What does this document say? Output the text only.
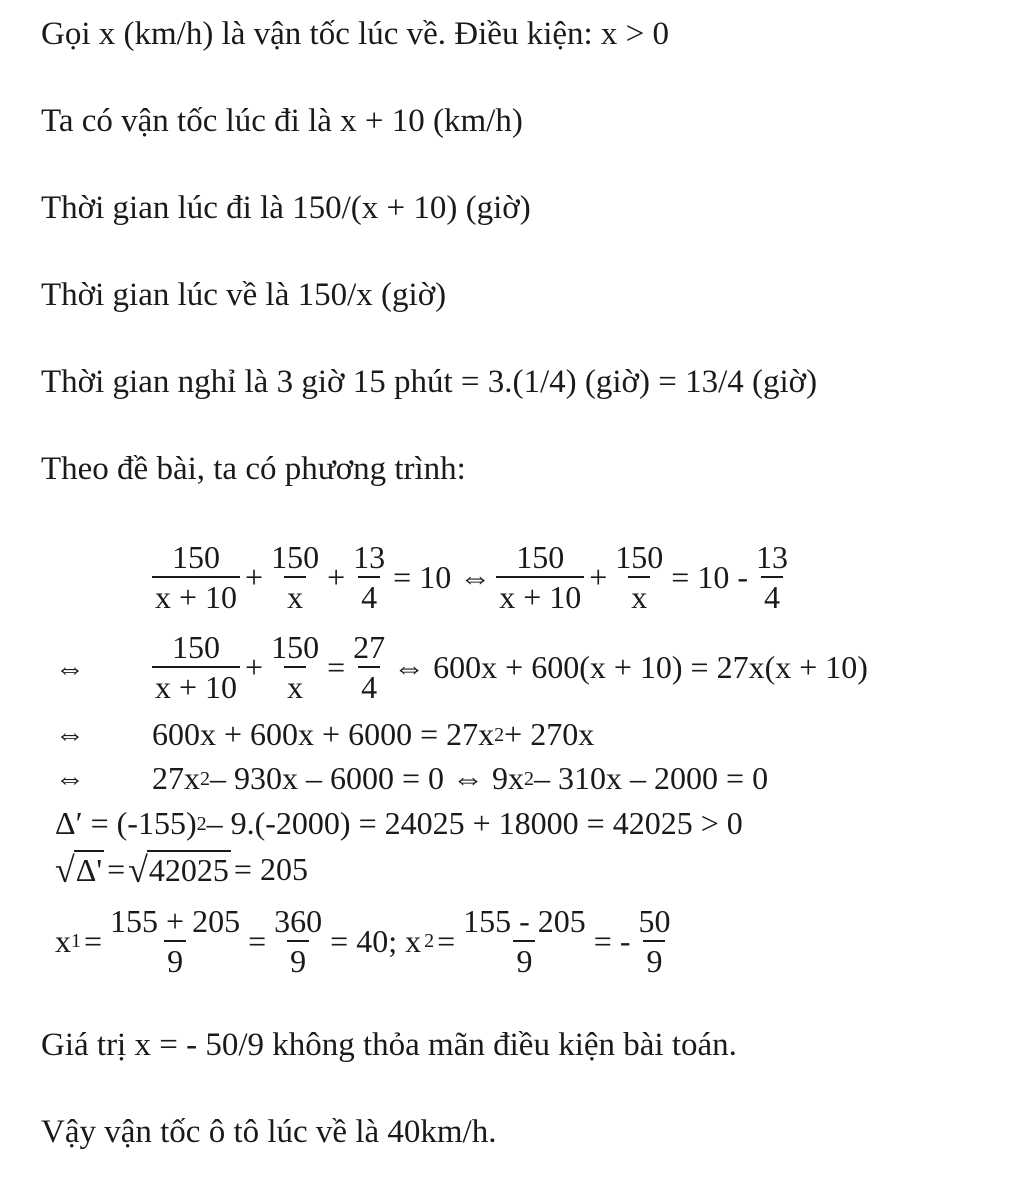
Gọi x (km/h) là vận tốc lúc về. Điều kiện: x > 0

Ta có vận tốc lúc đi là x + 10 (km/h)

Thời gian lúc đi là 150/(x + 10) (giờ)

Thời gian lúc về là 150/x (giờ)

Thời gian nghỉ là 3 giờ 15 phút = 3.(1/4) (giờ) = 13/4 (giờ)

Theo đề bài, ta có phương trình:

$\frac{150}{x + 10} + \frac{150}{x} + \frac{13}{4} = 10$ ⇔ $\frac{150}{x + 10} + \frac{150}{x} = 10 - \frac{13}{4}$
⇔ $\frac{150}{x + 10} + \frac{150}{x} = \frac{27}{4}$ ⇔ 600x + 600(x + 10) = 27x(x + 10)
⇔ 600x + 600x + 6000 = 27x 2 + 270x
⇔ 27x 2 – 930x – 6000 = 0 ⇔ 9x 2 – 310x – 2000 = 0
Δ′ = (-155) 2 – 9.(-2000) = 24025 + 18000 = 42025 > 0
√ Δ' = √ 42025 = 205
x $1 = \frac{155 + 205}{9} = \frac{360}{9} = 40$; x $2 = \frac{155 - 205}{9}$ = - $\frac{50}{9}$

Giá trị x = - 50/9 không thỏa mãn điều kiện bài toán.

Vậy vận tốc ô tô lúc về là 40km/h.
